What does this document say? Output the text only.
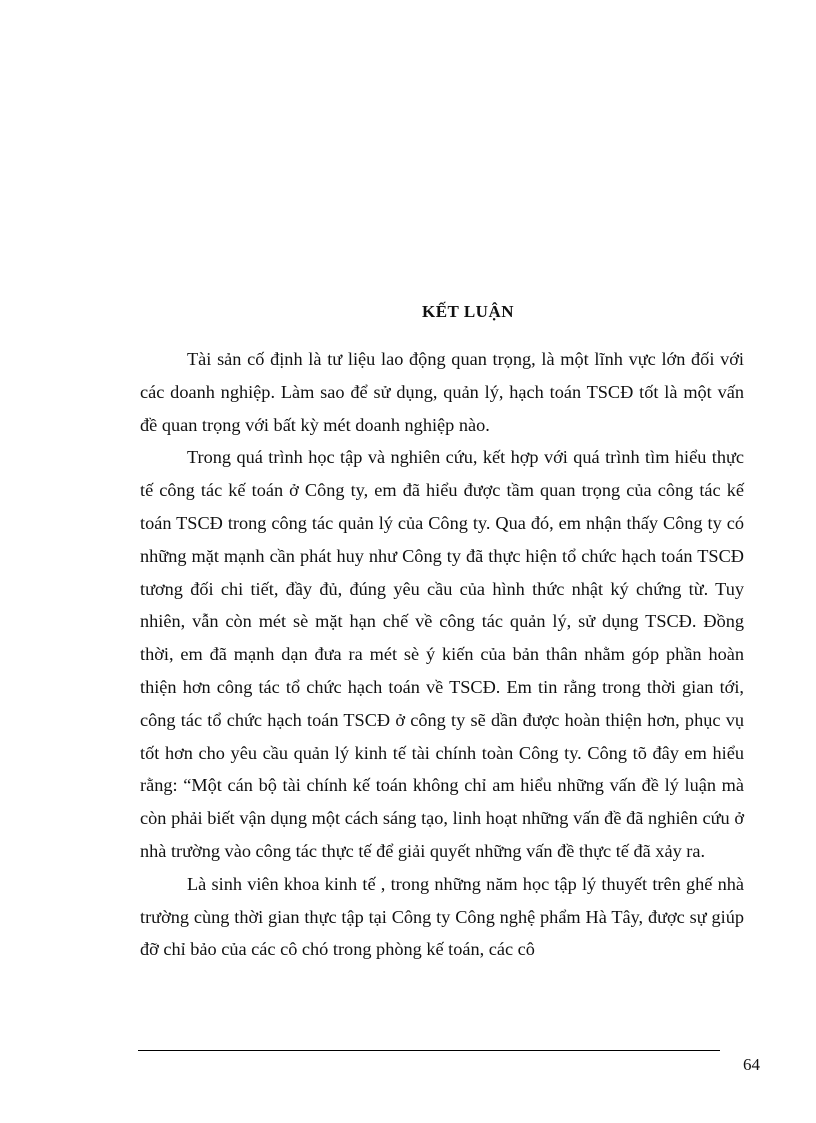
KẾT LUẬN

Tài sản cố định là tư liệu lao động quan trọng, là một lĩnh vực lớn đối với các doanh nghiệp. Làm sao để sử dụng, quản lý, hạch toán TSCĐ tốt là một vấn đề quan trọng với bất kỳ mét doanh nghiệp nào.

Trong quá trình học tập và nghiên cứu, kết hợp với quá trình tìm hiểu thực tế công tác kế toán ở Công ty, em đã hiểu được tầm quan trọng của công tác kế toán TSCĐ trong công tác quản lý của Công ty. Qua đó, em nhận thấy Công ty có những mặt mạnh cần phát huy như Công ty đã thực hiện tổ chức hạch toán TSCĐ tương đối chi tiết, đầy đủ, đúng yêu cầu của hình thức nhật ký chứng từ. Tuy nhiên, vẫn còn mét sè mặt hạn chế về công tác quản lý, sử dụng TSCĐ. Đồng thời, em đã mạnh dạn đưa ra mét sè ý kiến của bản thân nhằm góp phần hoàn thiện hơn công tác tổ chức hạch toán về TSCĐ. Em tin rằng trong thời gian tới, công tác tổ chức hạch toán TSCĐ ở công ty sẽ dần được hoàn thiện hơn, phục vụ tốt hơn cho yêu cầu quản lý kinh tế tài chính toàn Công ty. Công tõ đây em hiểu rằng: “Một cán bộ tài chính kế toán không chỉ am hiểu những vấn đề lý luận mà còn phải biết vận dụng một cách sáng tạo, linh hoạt những vấn đề đã nghiên cứu ở nhà trường vào công tác thực tế để giải quyết những vấn đề thực tế đã xảy ra.

Là sinh viên khoa kinh tế , trong những năm học tập lý thuyết trên ghế nhà trường cùng thời gian thực tập tại Công ty Công nghệ phẩm Hà Tây, được sự giúp đỡ chỉ bảo của các cô chó trong phòng kế toán, các cô

64
